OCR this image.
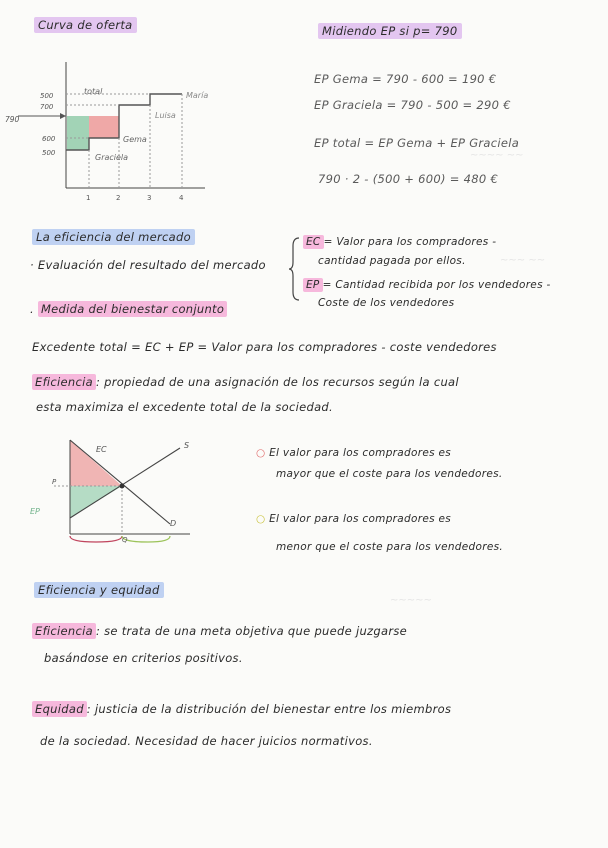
~~~~ ~~
~~~ ~~
~~~~~
Curva de oferta
500
700
600
500
790
1	2	3	4
total	María
Luisa
Gema
Graciela
Midiendo EP si p= 790
EP Gema = 790 - 600 = 190 €
EP Graciela = 790 - 500 = 290 €
EP total = EP Gema + EP Graciela
790 · 2 - (500 + 600) = 480 €
La eficiencia del mercado
· Evaluación del resultado del mercado
. Medida del bienestar conjunto
EC = Valor para los compradores -
cantidad pagada por ellos.
EP = Cantidad recibida por los vendedores -
Coste de los vendedores
Excedente total = EC + EP = Valor para los compradores - coste vendedores
Eficiencia : propiedad de una asignación de los recursos según la cual
esta maximiza el excedente total de la sociedad.
EC
EP
S
D
P
Q
○ El valor para los compradores es
mayor que el coste para los vendedores.
○ El valor para los compradores es
menor que el coste para los vendedores.
Eficiencia y equidad
Eficiencia : se trata de una meta objetiva que puede juzgarse
basándose en criterios positivos.
Equidad : justicia de la distribución del bienestar entre los miembros
de la sociedad. Necesidad de hacer juicios normativos.
